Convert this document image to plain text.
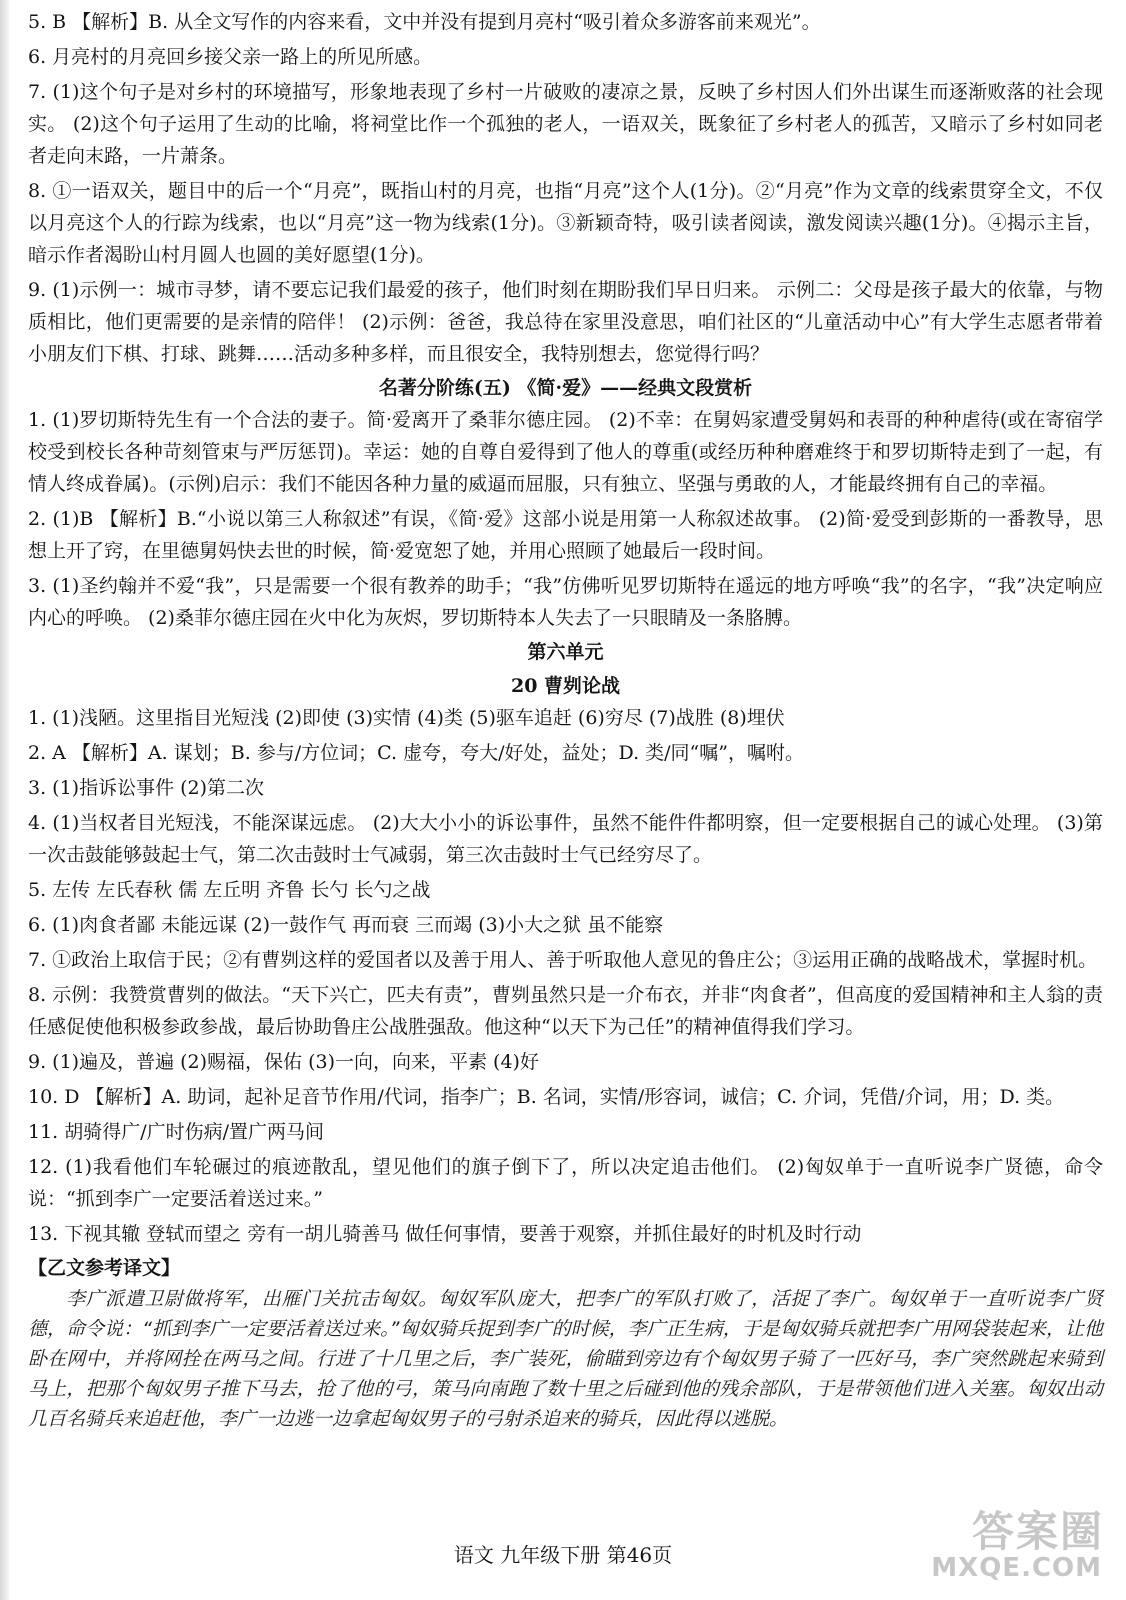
5. B 【解析】B. 从全文写作的内容来看，文中并没有提到月亮村“吸引着众多游客前来观光”。

6. 月亮村的月亮回乡接父亲一路上的所见所感。

7. (1)这个句子是对乡村的环境描写，形象地表现了乡村一片破败的凄凉之景，反映了乡村因人们外出谋生而逐渐败落的社会现实。 (2)这个句子运用了生动的比喻，将祠堂比作一个孤独的老人，一语双关，既象征了乡村老人的孤苦，又暗示了乡村如同老者走向末路，一片萧条。

8. ①一语双关，题目中的后一个“月亮”，既指山村的月亮，也指“月亮”这个人(1分)。②“月亮”作为文章的线索贯穿全文，不仅以月亮这个人的行踪为线索，也以“月亮”这一物为线索(1分)。③新颖奇特，吸引读者阅读，激发阅读兴趣(1分)。④揭示主旨，暗示作者渴盼山村月圆人也圆的美好愿望(1分)。

9. (1)示例一：城市寻梦，请不要忘记我们最爱的孩子，他们时刻在期盼我们早日归来。 示例二：父母是孩子最大的依靠，与物质相比，他们更需要的是亲情的陪伴！ (2)示例：爸爸，我总待在家里没意思，咱们社区的“儿童活动中心”有大学生志愿者带着小朋友们下棋、打球、跳舞……活动多种多样，而且很安全，我特别想去，您觉得行吗？

名著分阶练(五) 《简·爱》——经典文段赏析

1. (1)罗切斯特先生有一个合法的妻子。简·爱离开了桑菲尔德庄园。 (2)不幸：在舅妈家遭受舅妈和表哥的种种虐待(或在寄宿学校受到校长各种苛刻管束与严厉惩罚)。幸运：她的自尊自爱得到了他人的尊重(或经历种种磨难终于和罗切斯特走到了一起，有情人终成眷属)。(示例)启示：我们不能因各种力量的威逼而屈服，只有独立、坚强与勇敢的人，才能最终拥有自己的幸福。

2. (1)B 【解析】B.“小说以第三人称叙述”有误，《简·爱》这部小说是用第一人称叙述故事。 (2)简·爱受到彭斯的一番教导，思想上开了窍，在里德舅妈快去世的时候，简·爱宽恕了她，并用心照顾了她最后一段时间。

3. (1)圣约翰并不爱“我”，只是需要一个很有教养的助手；“我”仿佛听见罗切斯特在遥远的地方呼唤“我”的名字，“我”决定响应内心的呼唤。 (2)桑菲尔德庄园在火中化为灰烬，罗切斯特本人失去了一只眼睛及一条胳膊。

第六单元

20 曹刿论战

1. (1)浅陋。这里指目光短浅 (2)即使 (3)实情 (4)类 (5)驱车追赶 (6)穷尽 (7)战胜 (8)埋伏

2. A 【解析】A. 谋划；B. 参与/方位词；C. 虚夸，夸大/好处，益处；D. 类/同“嘱”，嘱咐。

3. (1)指诉讼事件 (2)第二次

4. (1)当权者目光短浅，不能深谋远虑。 (2)大大小小的诉讼事件，虽然不能件件都明察，但一定要根据自己的诚心处理。 (3)第一次击鼓能够鼓起士气，第二次击鼓时士气减弱，第三次击鼓时士气已经穷尽了。

5. 左传 左氏春秋 儒 左丘明 齐鲁 长勺 长勺之战

6. (1)肉食者鄙 未能远谋 (2)一鼓作气 再而衰 三而竭 (3)小大之狱 虽不能察

7. ①政治上取信于民；②有曹刿这样的爱国者以及善于用人、善于听取他人意见的鲁庄公；③运用正确的战略战术，掌握时机。

8. 示例：我赞赏曹刿的做法。“天下兴亡，匹夫有责”，曹刿虽然只是一介布衣，并非“肉食者”，但高度的爱国精神和主人翁的责任感促使他积极参政参战，最后协助鲁庄公战胜强敌。他这种“以天下为己任”的精神值得我们学习。

9. (1)遍及，普遍 (2)赐福，保佑 (3)一向，向来，平素 (4)好

10. D 【解析】A. 助词，起补足音节作用/代词，指李广；B. 名词，实情/形容词，诚信；C. 介词，凭借/介词，用；D. 类。

11. 胡骑得广/广时伤病/置广两马间

12. (1)我看他们车轮碾过的痕迹散乱，望见他们的旗子倒下了，所以决定追击他们。 (2)匈奴单于一直听说李广贤德，命令说：“抓到李广一定要活着送过来。”

13. 下视其辙 登轼而望之 旁有一胡儿骑善马 做任何事情，要善于观察，并抓住最好的时机及时行动

【乙文参考译文】

李广派遣卫尉做将军，出雁门关抗击匈奴。匈奴军队庞大，把李广的军队打败了，活捉了李广。匈奴单于一直听说李广贤德，命令说：“抓到李广一定要活着送过来。”匈奴骑兵捉到李广的时候，李广正生病，于是匈奴骑兵就把李广用网袋装起来，让他卧在网中，并将网拴在两马之间。行进了十几里之后，李广装死，偷瞄到旁边有个匈奴男子骑了一匹好马，李广突然跳起来骑到马上，把那个匈奴男子推下马去，抢了他的弓，策马向南跑了数十里之后碰到他的残余部队，于是带领他们进入关塞。匈奴出动几百名骑兵来追赶他，李广一边逃一边拿起匈奴男子的弓射杀追来的骑兵，因此得以逃脱。

语文 九年级下册 第46页	答案圈
MXQE.COM
